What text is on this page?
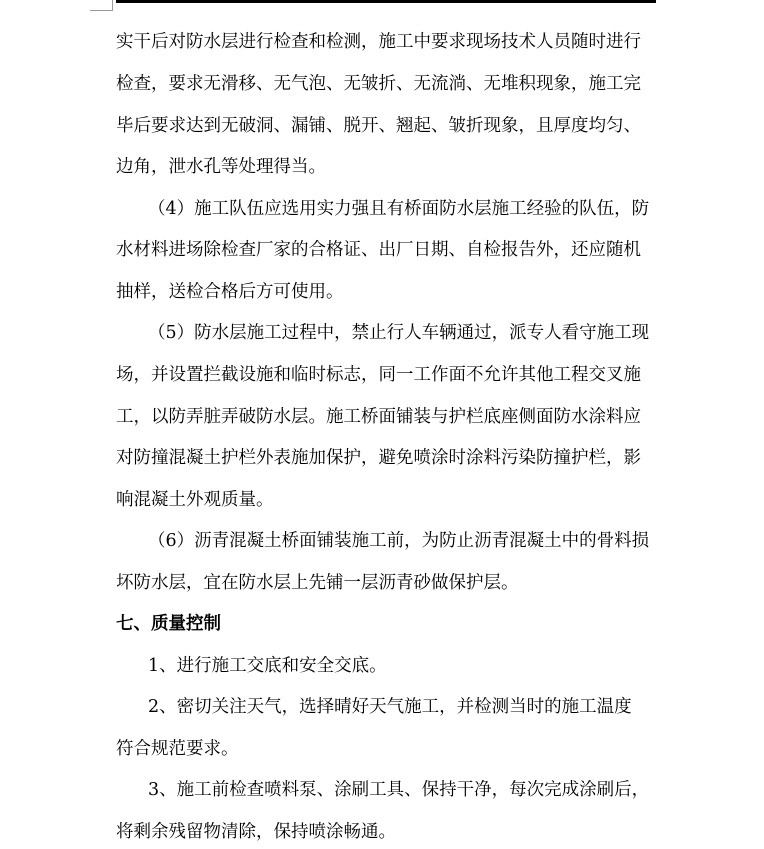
实干后对防水层进行检查和检测，施工中要求现场技术人员随时进行
检查，要求无滑移、无气泡、无皱折、无流淌、无堆积现象，施工完
毕后要求达到无破洞、漏铺、脱开、翘起、皱折现象，且厚度均匀、
边角，泄水孔等处理得当。
（4）施工队伍应选用实力强且有桥面防水层施工经验的队伍，防
水材料进场除检查厂家的合格证、出厂日期、自检报告外，还应随机
抽样，送检合格后方可使用。
（5）防水层施工过程中，禁止行人车辆通过，派专人看守施工现
场，并设置拦截设施和临时标志，同一工作面不允许其他工程交叉施
工，以防弄脏弄破防水层。施工桥面铺装与护栏底座侧面防水涂料应
对防撞混凝土护栏外表施加保护，避免喷涂时涂料污染防撞护栏，影
响混凝土外观质量。
（6）沥青混凝土桥面铺装施工前，为防止沥青混凝土中的骨料损
坏防水层，宜在防水层上先铺一层沥青砂做保护层。
七、质量控制
1、进行施工交底和安全交底。
2、密切关注天气，选择晴好天气施工，并检测当时的施工温度
符合规范要求。
3、施工前检查喷料泵、涂刷工具、保持干净，每次完成涂刷后，
将剩余残留物清除，保持喷涂畅通。
